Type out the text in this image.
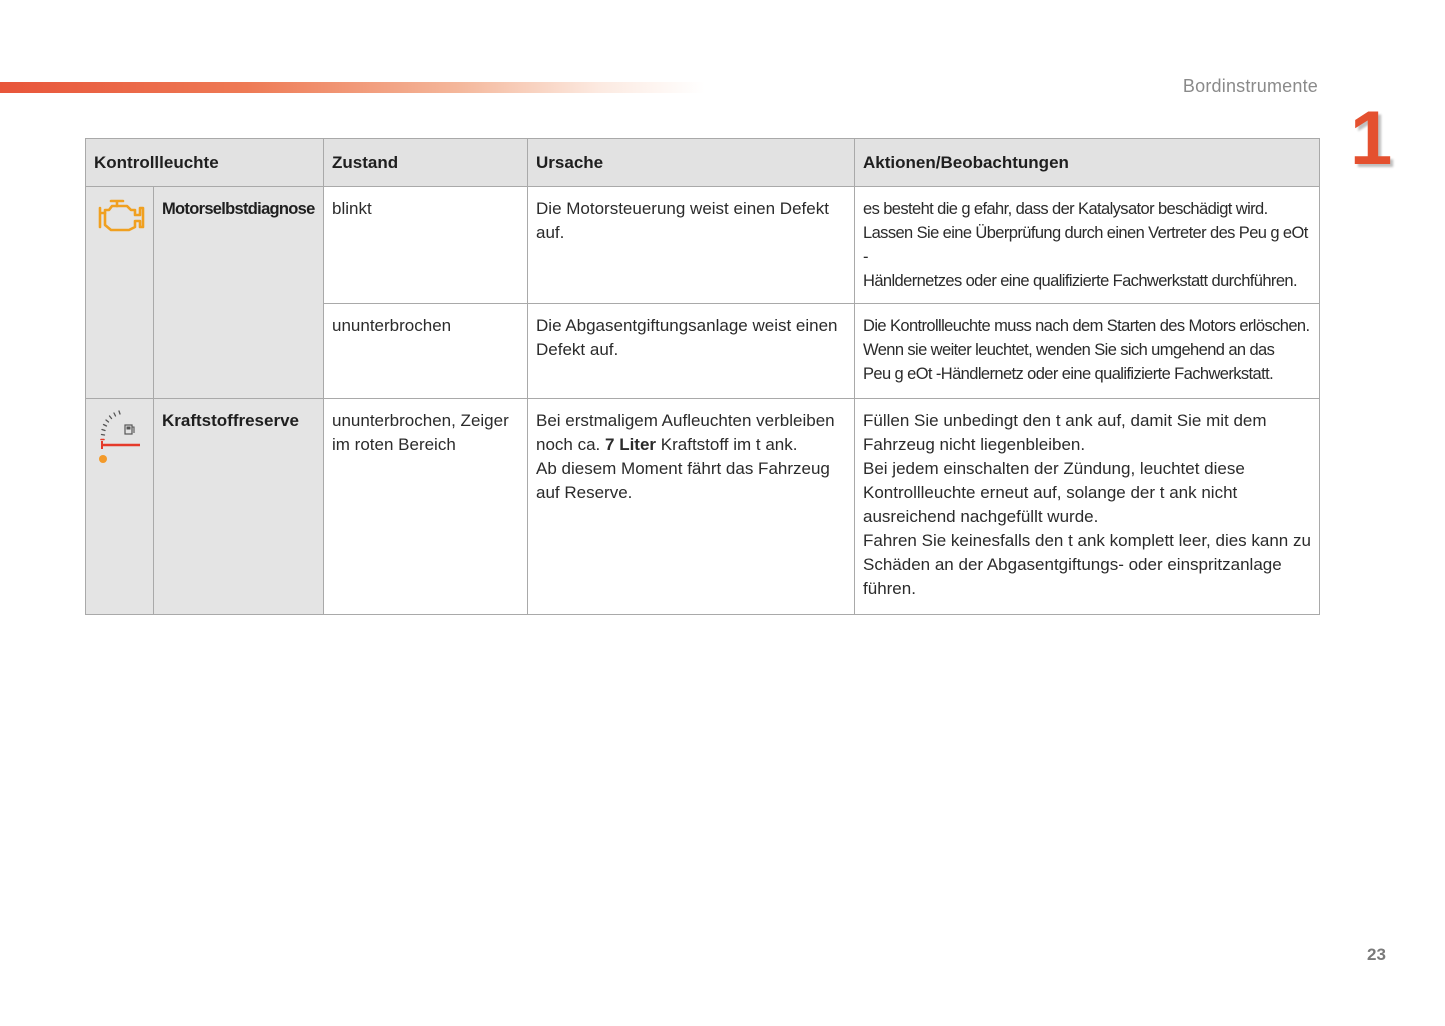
Bordinstrumente
1
Kontrollleuchte		Zustand	Ursache	Aktionen/Beobachtungen

	Motorselbstdiagnose	blinkt	Die Motorsteuerung weist einen Defekt auf.	es besteht die g efahr, dass der Katalysator beschädigt wird.
Lassen Sie eine Überprüfung durch einen Vertreter des Peu g eOt -
Hänldernetzes oder eine qualifizierte Fachwerkstatt durchführen.

		ununterbrochen	Die Abgasentgiftungsanlage weist einen Defekt auf.	Die Kontrollleuchte muss nach dem Starten des Motors erlöschen.
Wenn sie weiter leuchtet, wenden Sie sich umgehend an das
Peu g eOt -Händlernetz oder eine qualifizierte Fachwerkstatt.

	Kraftstoffreserve	ununterbrochen, Zeiger im roten Bereich	Bei erstmaligem Aufleuchten verbleiben noch ca. 7 Liter Kraftstoff im t ank.
Ab diesem Moment fährt das Fahrzeug auf Reserve.	Füllen Sie unbedingt den t ank auf, damit Sie mit dem Fahrzeug nicht liegenbleiben.
Bei jedem einschalten der Zündung, leuchtet diese Kontrollleuchte erneut auf, solange der t ank nicht ausreichend nachgefüllt wurde.
Fahren Sie keinesfalls den t ank komplett leer, dies kann zu Schäden an der Abgasentgiftungs- oder einspritzanlage führen.
23
